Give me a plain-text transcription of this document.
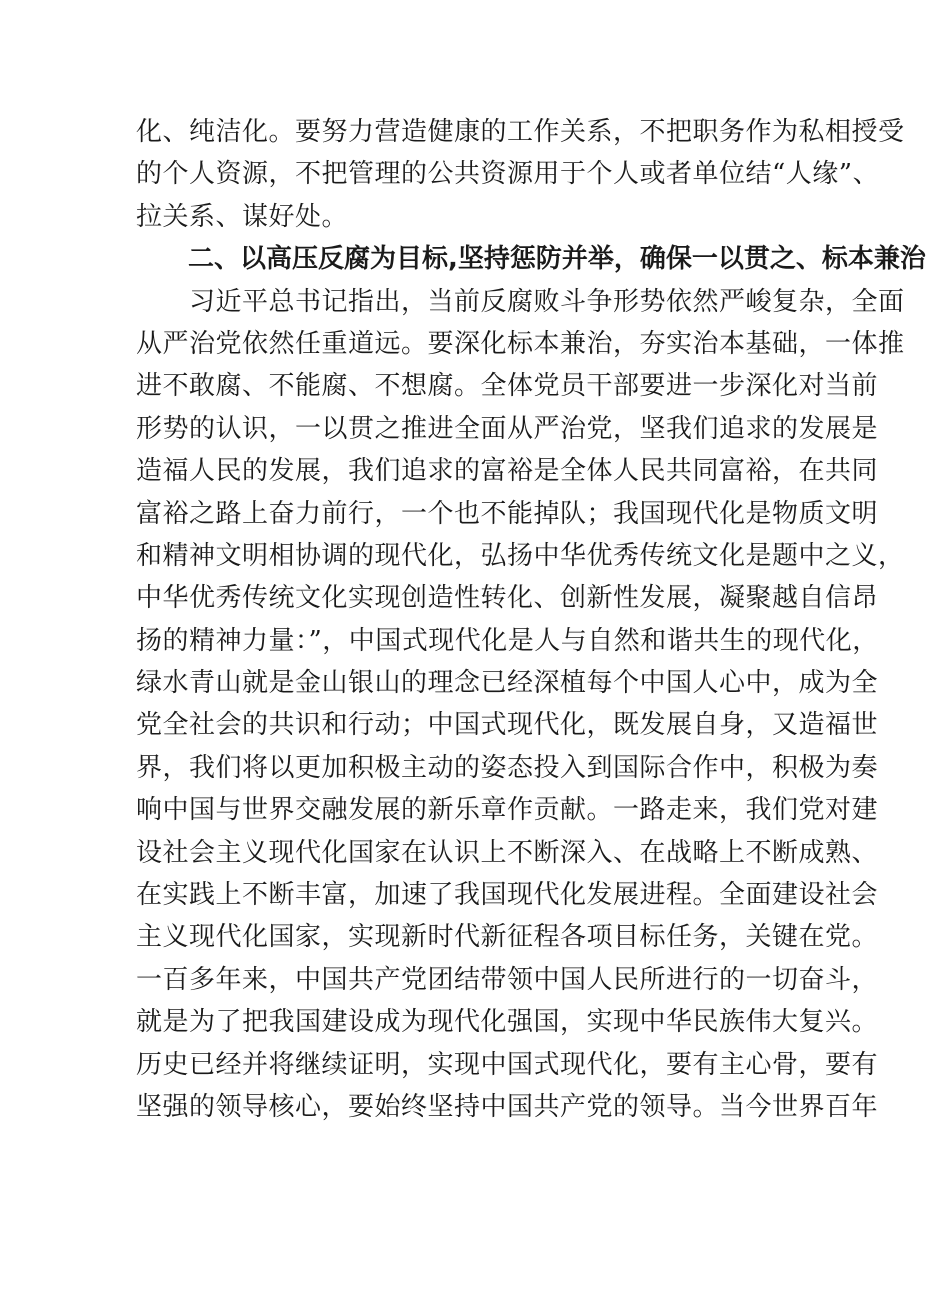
化、纯洁化。要努力营造健康的工作关系，不把职务作为私相授受
的个人资源，不把管理的公共资源用于个人或者单位结“人缘”、
拉关系、谋好处。
二、以高压反腐为目标,坚持惩防并举，确保一以贯之、标本兼治
　　习近平总书记指出，当前反腐败斗争形势依然严峻复杂，全面
从严治党依然任重道远。要深化标本兼治，夯实治本基础，一体推
进不敢腐、不能腐、不想腐。全体党员干部要进一步深化对当前
形势的认识，一以贯之推进全面从严治党，坚我们追求的发展是
造福人民的发展，我们追求的富裕是全体人民共同富裕，在共同
富裕之路上奋力前行，一个也不能掉队；我国现代化是物质文明
和精神文明相协调的现代化，弘扬中华优秀传统文化是题中之义，
中华优秀传统文化实现创造性转化、创新性发展，凝聚越自信昂
扬的精神力量：”，中国式现代化是人与自然和谐共生的现代化，
绿水青山就是金山银山的理念已经深植每个中国人心中，成为全
党全社会的共识和行动；中国式现代化，既发展自身，又造福世
界，我们将以更加积极主动的姿态投入到国际合作中，积极为奏
响中国与世界交融发展的新乐章作贡献。一路走来，我们党对建
设社会主义现代化国家在认识上不断深入、在战略上不断成熟、
在实践上不断丰富，加速了我国现代化发展进程。全面建设社会
主义现代化国家，实现新时代新征程各项目标任务，关键在党。
一百多年来，中国共产党团结带领中国人民所进行的一切奋斗，
就是为了把我国建设成为现代化强国，实现中华民族伟大复兴。
历史已经并将继续证明，实现中国式现代化，要有主心骨，要有
坚强的领导核心，要始终坚持中国共产党的领导。当今世界百年
